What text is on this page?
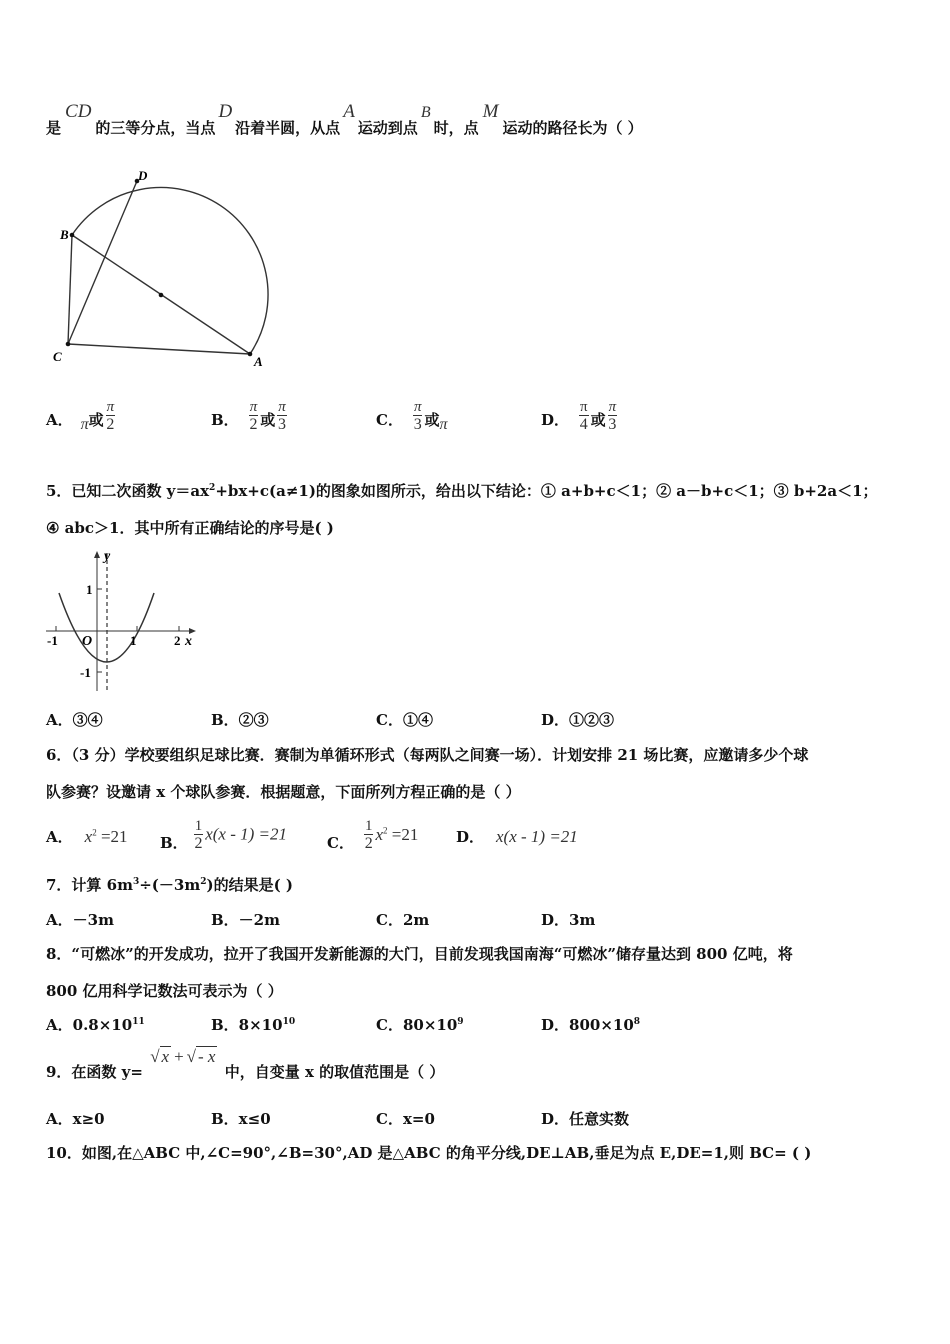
是CD的三等分点，当点D沿着半圆，从点A运动到点B时，点M运动的路径长为（ ）
D
B
C	A
A． π或 $\frac{\pi}{2}$	B． $\frac{\pi}{2}$ 或 $\frac{\pi}{3}$	C． $\frac{\pi}{3}$ 或π	D． $\frac{\pi}{4}$ 或 $\frac{\pi}{3}$
5．已知二次函数 $y=ax^2+bx+c(a\ne 1)$的图象如图所示，给出以下结论：① a+b+c＜1；② a－b+c＜1；③ b+2a＜1；
④ abc＞1．其中所有正确结论的序号是( )
y
1
-1
-1 O	1	2 x
A．③④	B．②③	C．①④	D．①②③
6．（3 分）学校要组织足球比赛．赛制为单循环形式（每两队之间赛一场）．计划安排 21 场比赛，应邀请多少个球
队参赛？设邀请 x 个球队参赛．根据题意，下面所列方程正确的是（ ）
A． $x^2 =21$ B． $\frac{1}{2} x(x - 1) =21$	C． $\frac{1}{2} x^2 =21$	D． x(x - 1) =21
7．计算 $6m^3\div(-3m^2)$的结果是( )
A．－3m	B．－2m	C．2m	D．3m
8．“可燃冰”的开发成功，拉开了我国开发新能源的大门，目前发现我国南海“可燃冰”储存量达到 800 亿吨，将
800 亿用科学记数法可表示为（ ）
A．$0.8\times 10^{11}$	B．$8\times 10^{10}$	C．$80\times 10^9$	D．$800\times 10^8$
9．在函数 y= √ x + √ - x 中，自变量 x 的取值范围是（ ）
A．x≥0	B．x≤0	C．x=0	D．任意实数
10．如图,在△ABC 中,∠C=90°,∠B=30°,AD 是△ABC 的角平分线,DE⊥AB,垂足为点 E,DE=1,则 BC= ( )
